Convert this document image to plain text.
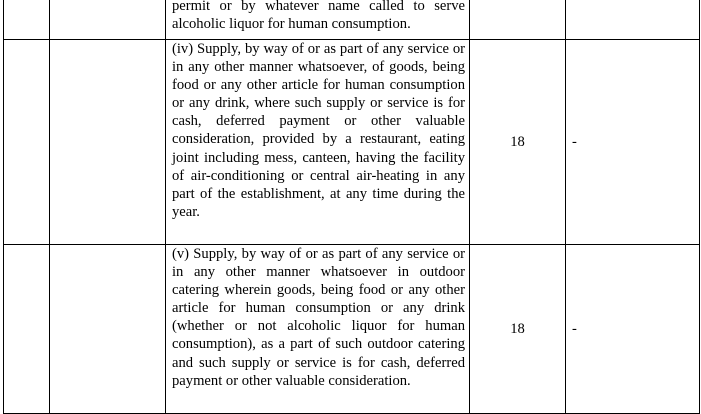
		permit or by whatever name called to serve alcoholic liquor for human consumption.		

		(iv) Supply, by way of or as part of any service or in any other manner whatsoever, of goods, being food or any other article for human consumption or any drink, where such supply or service is for cash, deferred payment or other valuable consideration, provided by a restaurant, eating joint including mess, canteen, having the facility of air-conditioning or central air-heating in any part of the establishment, at any time during the year.	18	-

		(v) Supply, by way of or as part of any service or in any other manner whatsoever in outdoor catering wherein goods, being food or any other article for human consumption or any drink (whether or not alcoholic liquor for human consumption), as a part of such outdoor catering and such supply or service is for cash, deferred payment or other valuable consideration.	18	-
